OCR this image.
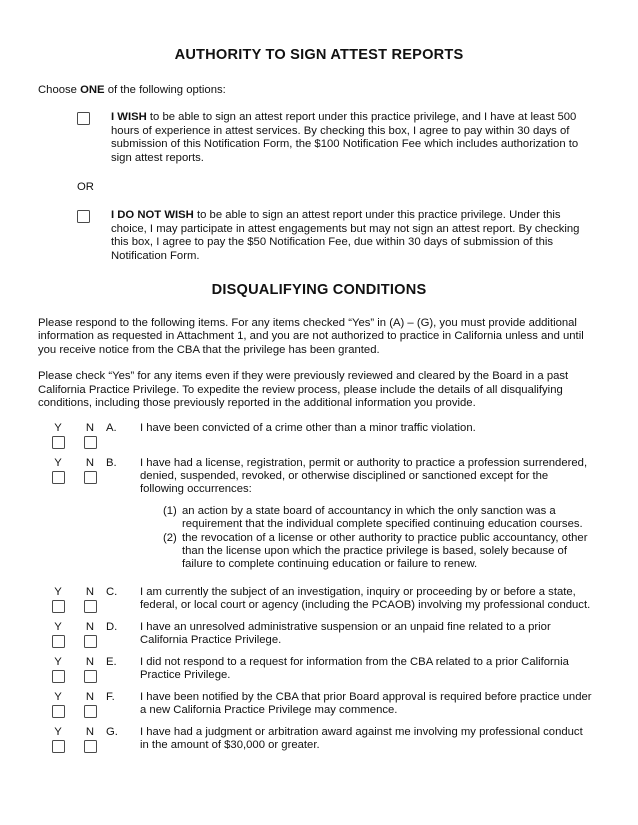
AUTHORITY TO SIGN ATTEST REPORTS
Choose ONE of the following options:
I WISH to be able to sign an attest report under this practice privilege, and I have at least 500 hours of experience in attest services. By checking this box, I agree to pay within 30 days of submission of this Notification Form, the $100 Notification Fee which includes authorization to sign attest reports.
OR
I DO NOT WISH to be able to sign an attest report under this practice privilege. Under this choice, I may participate in attest engagements but may not sign an attest report. By checking this box, I agree to pay the $50 Notification Fee, due within 30 days of submission of this Notification Form.
DISQUALIFYING CONDITIONS
Please respond to the following items. For any items checked “Yes” in (A) – (G), you must provide additional information as requested in Attachment 1, and you are not authorized to practice in California unless and until you receive notice from the CBA that the privilege has been granted.
Please check “Yes” for any items even if they were previously reviewed and cleared by the Board in a past California Practice Privilege. To expedite the review process, please include the details of all disqualifying conditions, including those previously reported in the additional information you provide.
Y N A.	I have been convicted of a crime other than a minor traffic violation.
Y N B.	I have had a license, registration, permit or authority to practice a profession surrendered, denied, suspended, revoked, or otherwise disciplined or sanctioned except for the following occurrences:
(1) an action by a state board of accountancy in which the only sanction was a requirement that the individual complete specified continuing education courses.
(2) the revocation of a license or other authority to practice public accountancy, other than the license upon which the practice privilege is based, solely because of failure to complete continuing education or failure to renew.
Y N C.	I am currently the subject of an investigation, inquiry or proceeding by or before a state, federal, or local court or agency (including the PCAOB) involving my professional conduct.
Y N D.	I have an unresolved administrative suspension or an unpaid fine related to a prior California Practice Privilege.
Y N E.	I did not respond to a request for information from the CBA related to a prior California Practice Privilege.
Y N F.	I have been notified by the CBA that prior Board approval is required before practice under a new California Practice Privilege may commence.
Y N G.	I have had a judgment or arbitration award against me involving my professional conduct in the amount of $30,000 or greater.
